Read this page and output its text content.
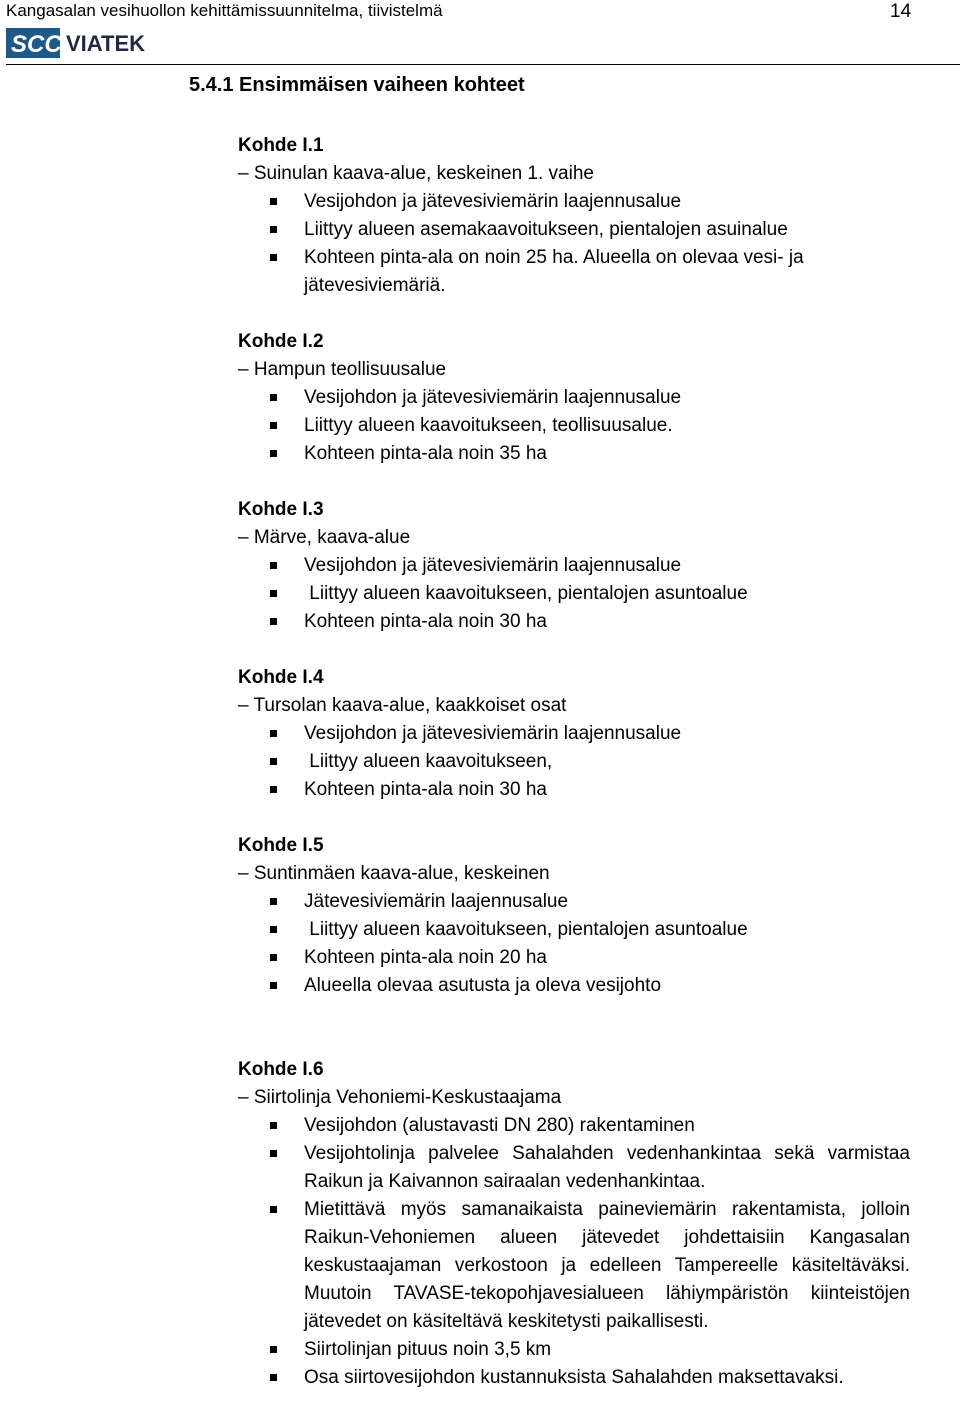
Kangasalan vesihuollon kehittämissuunnitelma, tiivistelmä	14
SCC VIATEK
5.4.1 Ensimmäisen vaiheen kohteet
Kohde I.1
– Suinulan kaava-alue, keskeinen 1. vaihe
Vesijohdon ja jätevesiviemärin laajennusalue
Liittyy alueen asemakaavoitukseen, pientalojen asuinalue
Kohteen pinta-ala on noin 25 ha. Alueella on olevaa vesi- ja jätevesiviemäriä.
Kohde I.2
– Hampun teollisuusalue
Vesijohdon ja jätevesiviemärin laajennusalue
Liittyy alueen kaavoitukseen, teollisuusalue.
Kohteen pinta-ala noin 35 ha
Kohde I.3
– Märve, kaava-alue
Vesijohdon ja jätevesiviemärin laajennusalue
Liittyy alueen kaavoitukseen, pientalojen asuntoalue
Kohteen pinta-ala noin 30 ha
Kohde I.4
– Tursolan kaava-alue, kaakkoiset osat
Vesijohdon ja jätevesiviemärin laajennusalue
Liittyy alueen kaavoitukseen,
Kohteen pinta-ala noin 30 ha
Kohde I.5
– Suntinmäen kaava-alue, keskeinen
Jätevesiviemärin laajennusalue
Liittyy alueen kaavoitukseen, pientalojen asuntoalue
Kohteen pinta-ala noin 20 ha
Alueella olevaa asutusta ja oleva vesijohto
Kohde I.6
– Siirtolinja Vehoniemi-Keskustaajama
Vesijohdon (alustavasti DN 280) rakentaminen
Vesijohtolinja palvelee Sahalahden vedenhankintaa sekä varmistaa Raikun ja Kaivannon sairaalan vedenhankintaa.
Mietittävä myös samanaikaista paineviemärin rakentamista, jolloin Raikun-Vehoniemen alueen jätevedet johdettaisiin Kangasalan keskustaajaman verkostoon ja edelleen Tampereelle käsiteltäväksi. Muutoin TAVASE-tekopohjavesialueen lähiympäristön kiinteistöjen jätevedet on käsiteltävä keskitetysti paikallisesti.
Siirtolinjan pituus noin 3,5 km
Osa siirtovesijohdon kustannuksista Sahalahden maksettavaksi.
